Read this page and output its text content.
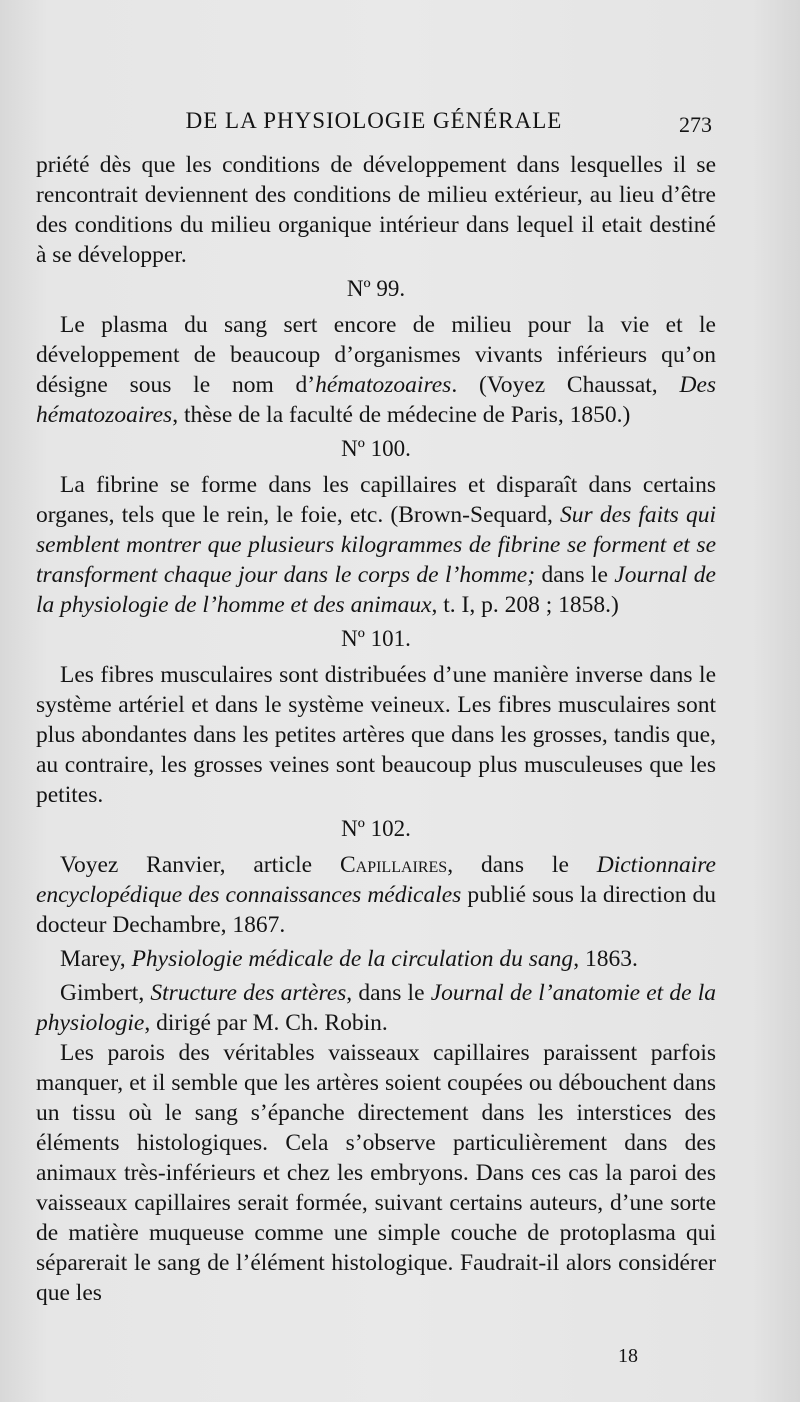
DE LA PHYSIOLOGIE GÉNÉRALE	273

priété dès que les conditions de développement dans lesquelles il se rencontrait deviennent des conditions de milieu extérieur, au lieu d’être des conditions du milieu organique intérieur dans lequel il etait destiné à se développer.

Nº 99.

Le plasma du sang sert encore de milieu pour la vie et le développement de beaucoup d’organismes vivants inférieurs qu’on désigne sous le nom d’hématozoaires. (Voyez Chaussat, Des hématozoaires, thèse de la faculté de médecine de Paris, 1850.)

Nº 100.

La fibrine se forme dans les capillaires et disparaît dans certains organes, tels que le rein, le foie, etc. (Brown-Sequard, Sur des faits qui semblent montrer que plusieurs kilogrammes de fibrine se forment et se transforment chaque jour dans le corps de l’homme; dans le Journal de la physiologie de l’homme et des animaux, t. I, p. 208 ; 1858.)

Nº 101.

Les fibres musculaires sont distribuées d’une manière inverse dans le système artériel et dans le système veineux. Les fibres musculaires sont plus abondantes dans les petites artères que dans les grosses, tandis que, au contraire, les grosses veines sont beaucoup plus musculeuses que les petites.

Nº 102.

Voyez Ranvier, article Capillaires, dans le Dictionnaire encyclopédique des connaissances médicales publié sous la direction du docteur Dechambre, 1867.

Marey, Physiologie médicale de la circulation du sang, 1863.

Gimbert, Structure des artères, dans le Journal de l’anatomie et de la physiologie, dirigé par M. Ch. Robin.

Les parois des véritables vaisseaux capillaires paraissent parfois manquer, et il semble que les artères soient coupées ou débouchent dans un tissu où le sang s’épanche directement dans les interstices des éléments histologiques. Cela s’observe particulièrement dans des animaux très-inférieurs et chez les embryons. Dans ces cas la paroi des vaisseaux capillaires serait formée, suivant certains auteurs, d’une sorte de matière muqueuse comme une simple couche de protoplasma qui séparerait le sang de l’élément histologique. Faudrait-il alors considérer que les

18
